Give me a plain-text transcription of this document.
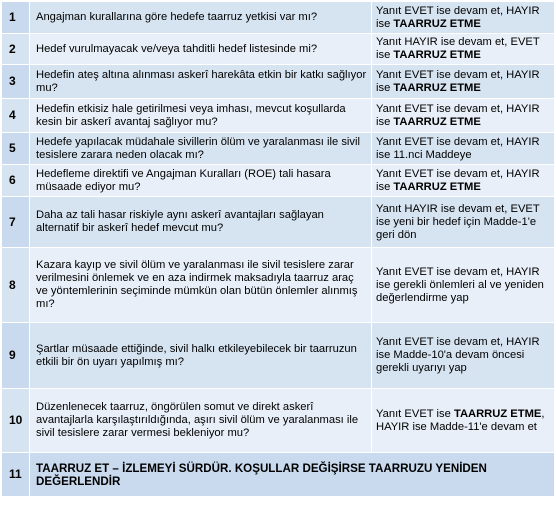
1	Angajman kurallarına göre hedefe taarruz yetkisi var mı?	Yanıt EVET ise devam et, HAYIR ise TAARRUZ ETME
2	Hedef vurulmayacak ve/veya tahditli hedef listesinde mi?	Yanıt HAYIR ise devam et, EVET ise TAARRUZ ETME
3	Hedefin ateş altına alınması askerî harekâta etkin bir katkı sağlıyor mu?	Yanıt EVET ise devam et, HAYIR ise TAARRUZ ETME
4	Hedefin etkisiz hale getirilmesi veya imhası, mevcut koşullarda kesin bir askerî avantaj sağlıyor mu?	Yanıt EVET ise devam et, HAYIR ise TAARRUZ ETME
5	Hedefe yapılacak müdahale sivillerin ölüm ve yaralanması ile sivil tesislere zarara neden olacak mı?	Yanıt EVET ise devam et, HAYIR ise 11.nci Maddeye
6	Hedefleme direktifi ve Angajman Kuralları (ROE) tali hasara müsaade ediyor mu?	Yanıt EVET ise devam et, HAYIR ise TAARRUZ ETME
7	Daha az tali hasar riskiyle aynı askerî avantajları sağlayan alternatif bir askerî hedef mevcut mu?	Yanıt HAYIR ise devam et, EVET ise yeni bir hedef için Madde-1'e geri dön
8	Kazara kayıp ve sivil ölüm ve yaralanması ile sivil tesislere zarar verilmesini önlemek ve en aza indirmek maksadıyla taarruz araç ve yöntemlerinin seçiminde mümkün olan bütün önlemler alınmış mı?	Yanıt EVET ise devam et, HAYIR ise gerekli önlemleri al ve yeniden değerlendirme yap
9	Şartlar müsaade ettiğinde, sivil halkı etkileyebilecek bir taarruzun etkili bir ön uyarı yapılmış mı?	Yanıt EVET ise devam et, HAYIR ise Madde-10'a devam öncesi gerekli uyarıyı yap
10	Düzenlenecek taarruz, öngörülen somut ve direkt askerî avantajlarla karşılaştırıldığında, aşırı sivil ölüm ve yaralanması ile sivil tesislere zarar vermesi bekleniyor mu?	Yanıt EVET ise TAARRUZ ETME, HAYIR ise Madde-11'e devam et
11	TAARRUZ ET – İZLEMEYİ SÜRDÜR. KOŞULLAR DEĞİŞİRSE TAARRUZU YENİDEN DEĞERLENDİR	
